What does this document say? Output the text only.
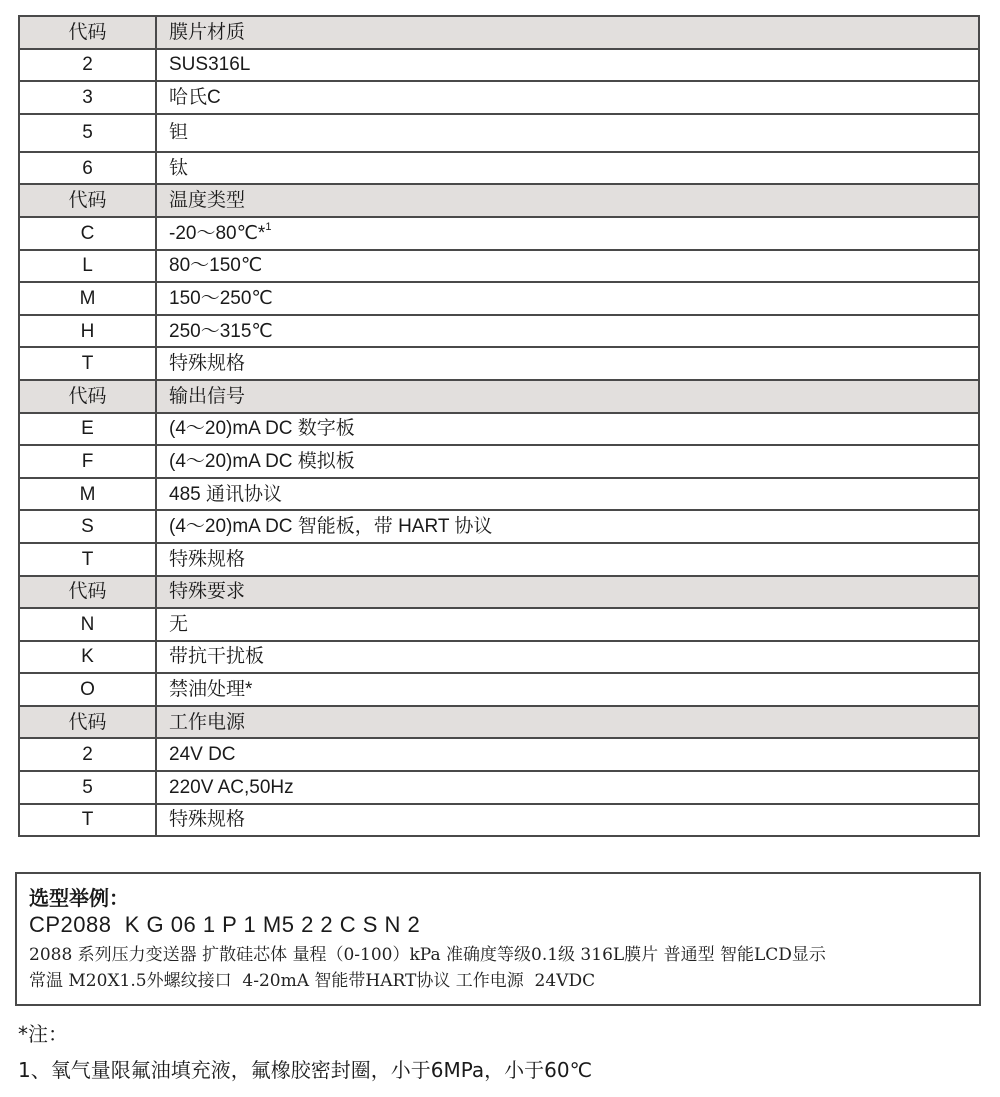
代码	膜片材质
2	SUS316L
3	哈氏C
5	钽
6	钛
代码	温度类型
C	-20～80℃*$^1$
L	80～150℃
M	150～250℃
H	250～315℃
T	特殊规格
代码	输出信号
E	(4～20)mA DC 数字板
F	(4～20)mA DC 模拟板
M	485 通讯协议
S	(4～20)mA DC 智能板，带 HART 协议
T	特殊规格
代码	特殊要求
N	无
K	带抗干扰板
O	禁油处理*
代码	工作电源
2	24V DC
5	220V AC,50Hz
T	特殊规格
选型举例：
CP2088  K G 06 1 P 1 M5 2 2 C S N 2
2088 系列压力变送器 扩散硅芯体 量程（0-100）kPa 准确度等级0.1级 316L膜片 普通型 智能LCD显示
常温 M20X1.5外螺纹接口  4-20mA 智能带HART协议 工作电源  24VDC
*注：
1、氧气量限氟油填充液，氟橡胶密封圈，小于6MPa，小于60℃
